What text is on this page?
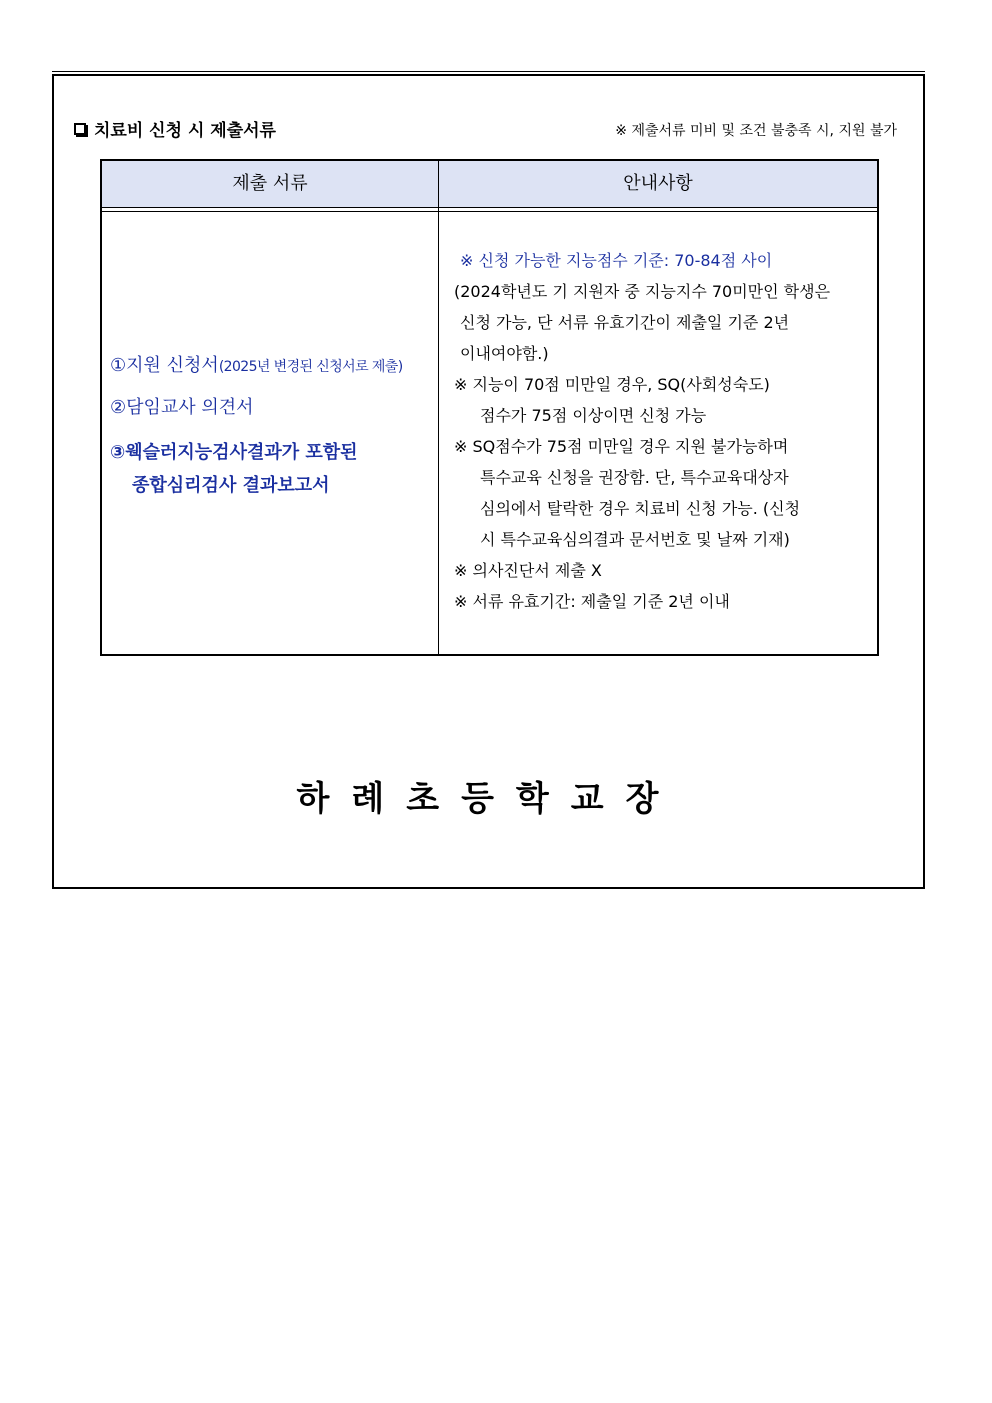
치료비 신청 시 제출서류	※ 제출서류 미비 및 조건 불충족 시, 지원 불가
제출 서류	안내사항
①지원 신청서(2025년 변경된 신청서로 제출)
②담임교사 의견서
③웩슬러지능검사결과가 포함된
종합심리검사 결과보고서
※ 신청 가능한 지능점수 기준: 70-84점 사이
(2024학년도 기 지원자 중 지능지수 70미만인 학생은
신청 가능, 단 서류 유효기간이 제출일 기준 2년
이내여야함.)
※ 지능이 70점 미만일 경우, SQ(사회성숙도)
점수가 75점 이상이면 신청 가능
※ SQ점수가 75점 미만일 경우 지원 불가능하며
특수교육 신청을 권장함. 단, 특수교육대상자
심의에서 탈락한 경우 치료비 신청 가능. (신청
시 특수교육심의결과 문서번호 및 날짜 기재)
※ 의사진단서 제출 X
※ 서류 유효기간: 제출일 기준 2년 이내
하례초등학교장
